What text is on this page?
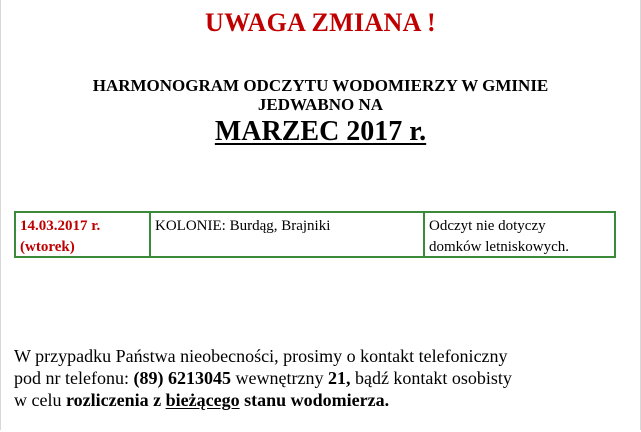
UWAGA ZMIANA !
HARMONOGRAM ODCZYTU WODOMIERZY W GMINIE
JEDWABNO NA
MARZEC 2017 r.
14.03.2017 r.
(wtorek)
KOLONIE: Burdąg, Brajniki	Odczyt nie dotyczy
domków letniskowych.
W przypadku Państwa nieobecności, prosimy o kontakt telefoniczny
pod nr telefonu: (89) 6213045 wewnętrzny 21, bądź kontakt osobisty
w celu rozliczenia z bieżącego stanu wodomierza.
